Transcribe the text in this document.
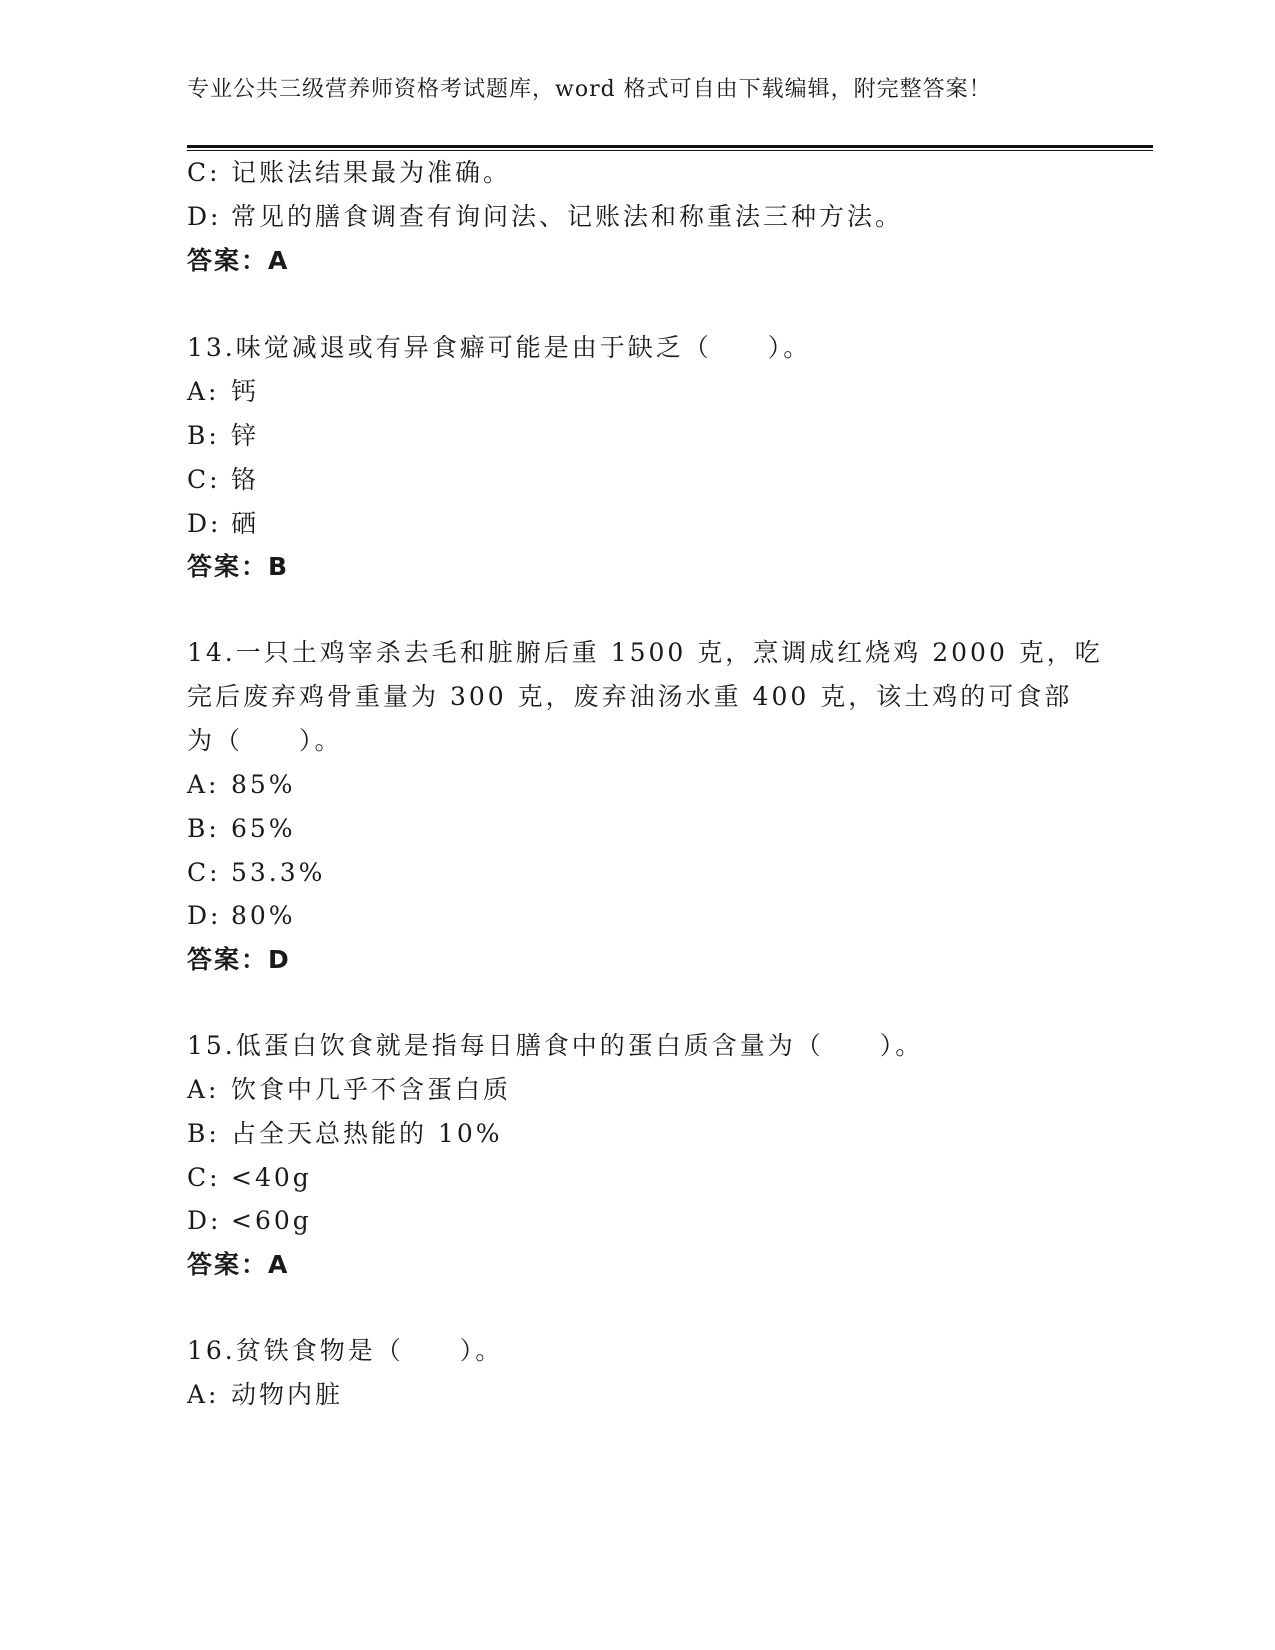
专业公共三级营养师资格考试题库，word 格式可自由下载编辑，附完整答案！
C: 记账法结果最为准确。
D: 常见的膳食调查有询问法、记账法和称重法三种方法。
答案：A
13.味觉减退或有异食癖可能是由于缺乏（　　）。
A: 钙
B: 锌
C: 铬
D: 硒
答案：B
14.一只土鸡宰杀去毛和脏腑后重 1500 克，烹调成红烧鸡 2000 克，吃
完后废弃鸡骨重量为 300 克，废弃油汤水重 400 克，该土鸡的可食部
为（　　）。
A: 85%
B: 65%
C: 53.3%
D: 80%
答案：D
15.低蛋白饮食就是指每日膳食中的蛋白质含量为（　　）。
A: 饮食中几乎不含蛋白质
B: 占全天总热能的 10%
C: <40g
D: <60g
答案：A
16.贫铁食物是（　　）。
A: 动物内脏
